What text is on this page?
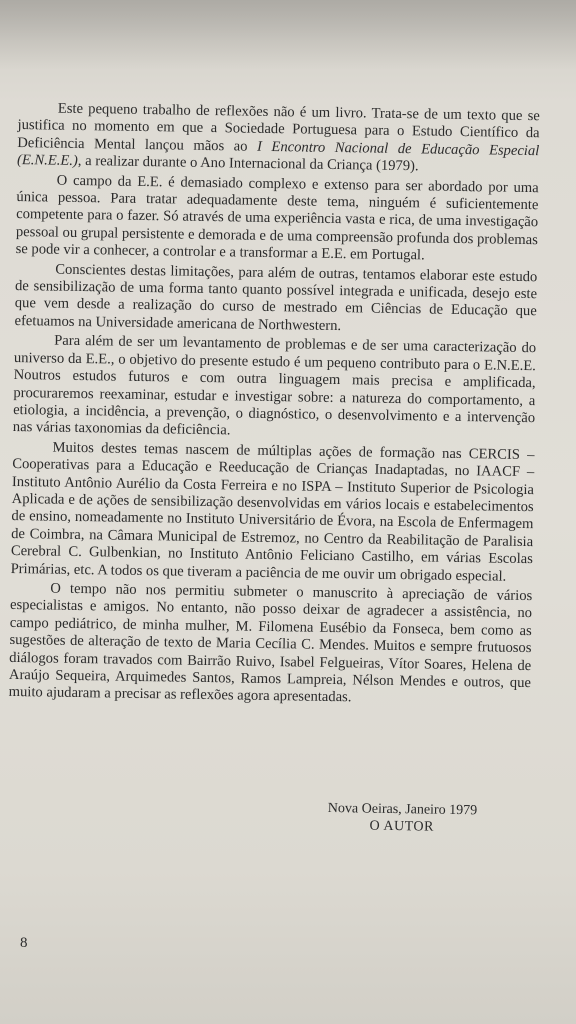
Este pequeno trabalho de reflexões não é um livro. Trata-se de um texto que se justifica no momento em que a Sociedade Portuguesa para o Estudo Científico da Deficiência Mental lançou mãos ao I Encontro Nacional de Educação Especial (E.N.E.E.), a realizar durante o Ano Internacional da Criança (1979).

O campo da E.E. é demasiado complexo e extenso para ser abordado por uma única pessoa. Para tratar adequadamente deste tema, ninguém é suficientemente competente para o fazer. Só através de uma experiência vasta e rica, de uma investigação pessoal ou grupal persistente e demorada e de uma compreensão profunda dos problemas se pode vir a conhecer, a controlar e a transformar a E.E. em Portugal.

Conscientes destas limitações, para além de outras, tentamos elaborar este estudo de sensibilização de uma forma tanto quanto possível integrada e unificada, desejo este que vem desde a realização do curso de mestrado em Ciências de Educação que efetuamos na Universidade americana de Northwestern.

Para além de ser um levantamento de problemas e de ser uma caracterização do universo da E.E., o objetivo do presente estudo é um pequeno contributo para o E.N.E.E. Noutros estudos futuros e com outra linguagem mais precisa e amplificada, procuraremos reexaminar, estudar e investigar sobre: a natureza do comportamento, a etiologia, a incidência, a prevenção, o diagnóstico, o desenvolvimento e a intervenção nas várias taxonomias da deficiência.

Muitos destes temas nascem de múltiplas ações de formação nas CERCIS – Cooperativas para a Educação e Reeducação de Crianças Inadaptadas, no IAACF – Instituto Antônio Aurélio da Costa Ferreira e no ISPA – Instituto Superior de Psicologia Aplicada e de ações de sensibilização desenvolvidas em vários locais e estabelecimentos de ensino, nomeadamente no Instituto Universitário de Évora, na Escola de Enfermagem de Coimbra, na Câmara Municipal de Estremoz, no Centro da Reabilitação de Paralisia Cerebral C. Gulbenkian, no Instituto Antônio Feliciano Castilho, em várias Escolas Primárias, etc. A todos os que tiveram a paciência de me ouvir um obrigado especial.

O tempo não nos permitiu submeter o manuscrito à apreciação de vários especialistas e amigos. No entanto, não posso deixar de agradecer a assistência, no campo pediátrico, de minha mulher, M. Filomena Eusébio da Fonseca, bem como as sugestões de alteração de texto de Maria Cecília C. Mendes. Muitos e sempre frutuosos diálogos foram travados com Bairrão Ruivo, Isabel Felgueiras, Vítor Soares, Helena de Araújo Sequeira, Arquimedes Santos, Ramos Lampreia, Nélson Mendes e outros, que muito ajudaram a precisar as reflexões agora apresentadas.

Nova Oeiras, Janeiro 1979
O AUTOR
8
